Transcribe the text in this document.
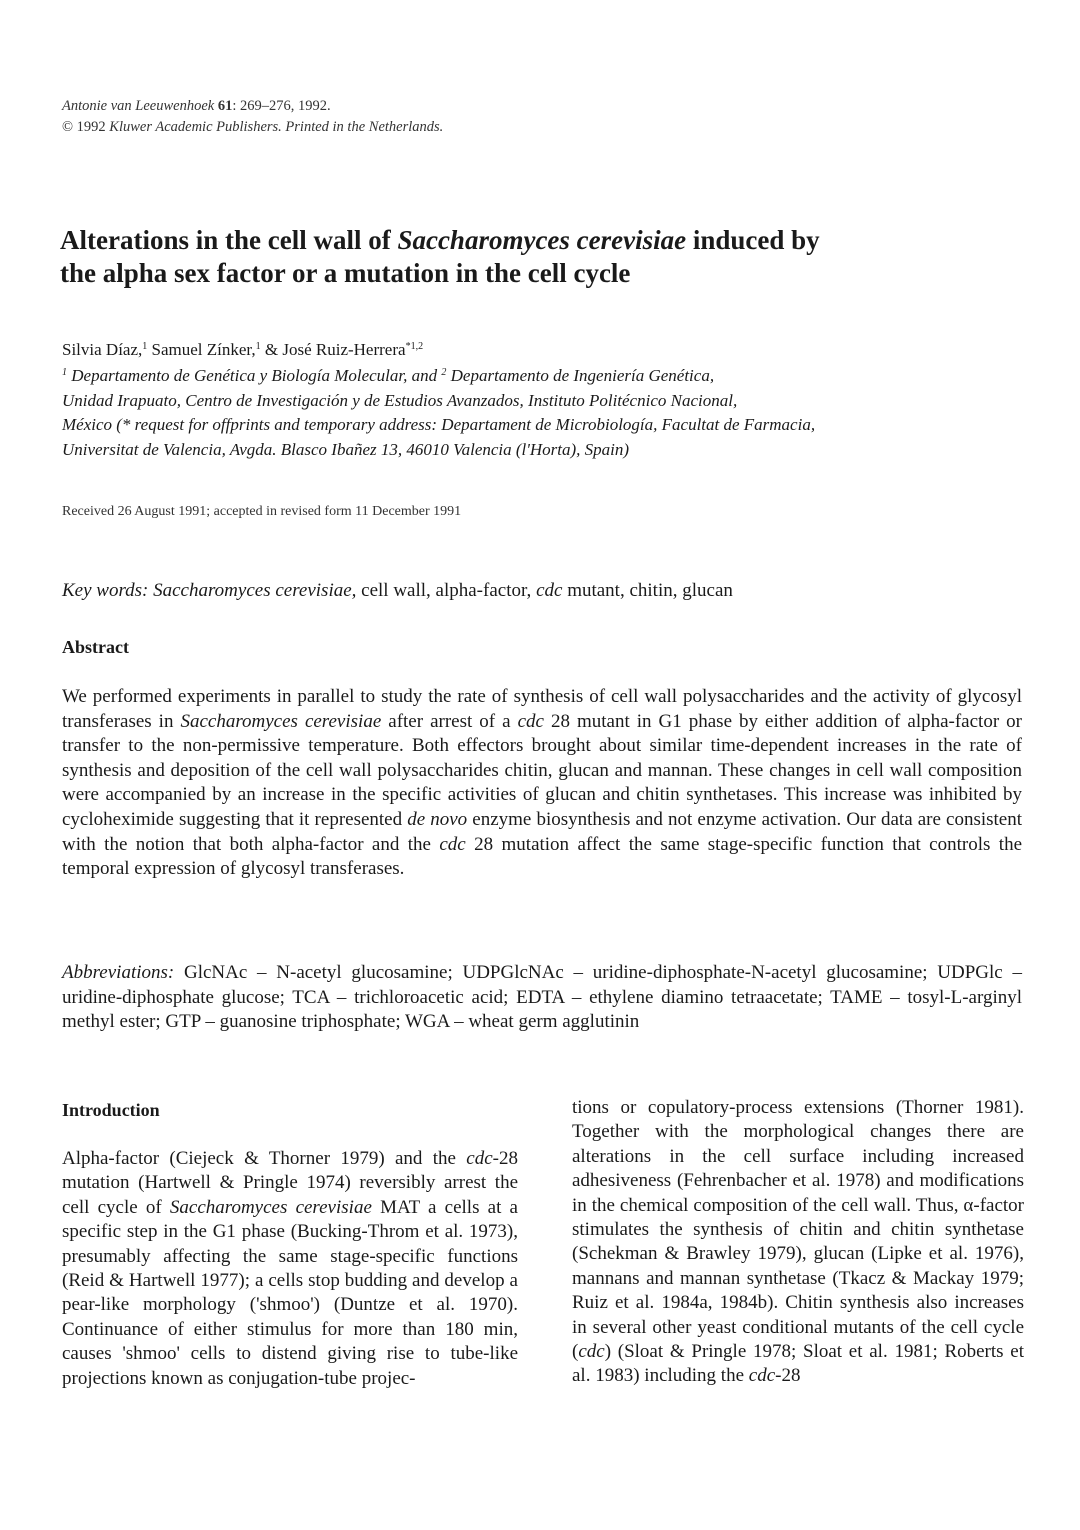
Antonie van Leeuwenhoek 61: 269–276, 1992.
© 1992 Kluwer Academic Publishers. Printed in the Netherlands.
Alterations in the cell wall of Saccharomyces cerevisiae induced by
the alpha sex factor or a mutation in the cell cycle
Silvia Díaz,$^1$ Samuel Zínker,$^1$ & José Ruiz-Herrera$^{*1,2}$
$^1$ Departamento de Genética y Biología Molecular, and $^2$ Departamento de Ingeniería Genética,
Unidad Irapuato, Centro de Investigación y de Estudios Avanzados, Instituto Politécnico Nacional,
México (* request for offprints and temporary address: Departament de Microbiología, Facultat de Farmacia,
Universitat de Valencia, Avgda. Blasco Ibañez 13, 46010 Valencia (l'Horta), Spain)
Received 26 August 1991; accepted in revised form 11 December 1991
Key words: Saccharomyces cerevisiae, cell wall, alpha-factor, cdc mutant, chitin, glucan
Abstract

We performed experiments in parallel to study the rate of synthesis of cell wall polysaccharides and the activity of glycosyl transferases in Saccharomyces cerevisiae after arrest of a cdc 28 mutant in G1 phase by either addition of alpha-factor or transfer to the non-permissive temperature. Both effectors brought about similar time-dependent increases in the rate of synthesis and deposition of the cell wall polysaccharides chitin, glucan and mannan. These changes in cell wall composition were accompanied by an increase in the specific activities of glucan and chitin synthetases. This increase was inhibited by cycloheximide suggesting that it represented de novo enzyme biosynthesis and not enzyme activation. Our data are consistent with the notion that both alpha-factor and the cdc 28 mutation affect the same stage-specific function that controls the temporal expression of glycosyl transferases.

Abbreviations: GlcNAc – N-acetyl glucosamine; UDPGlcNAc – uridine-diphosphate-N-acetyl glucosamine; UDPGlc – uridine-diphosphate glucose; TCA – trichloroacetic acid; EDTA – ethylene diamino tetraacetate; TAME – tosyl-L-arginyl methyl ester; GTP – guanosine triphosphate; WGA – wheat germ agglutinin

Introduction

Alpha-factor (Ciejeck & Thorner 1979) and the cdc-28 mutation (Hartwell & Pringle 1974) reversibly arrest the cell cycle of Saccharomyces cerevisiae MAT a cells at a specific step in the G1 phase (Bucking-Throm et al. 1973), presumably affecting the same stage-specific functions (Reid & Hartwell 1977); a cells stop budding and develop a pear-like morphology ('shmoo') (Duntze et al. 1970). Continuance of either stimulus for more than 180 min, causes 'shmoo' cells to distend giving rise to tube-like projections known as conjugation-tube projec-

tions or copulatory-process extensions (Thorner 1981). Together with the morphological changes there are alterations in the cell surface including increased adhesiveness (Fehrenbacher et al. 1978) and modifications in the chemical composition of the cell wall. Thus, α-factor stimulates the synthesis of chitin and chitin synthetase (Schekman & Brawley 1979), glucan (Lipke et al. 1976), mannans and mannan synthetase (Tkacz & Mackay 1979; Ruiz et al. 1984a, 1984b). Chitin synthesis also increases in several other yeast conditional mutants of the cell cycle (cdc) (Sloat & Pringle 1978; Sloat et al. 1981; Roberts et al. 1983) including the cdc-28
